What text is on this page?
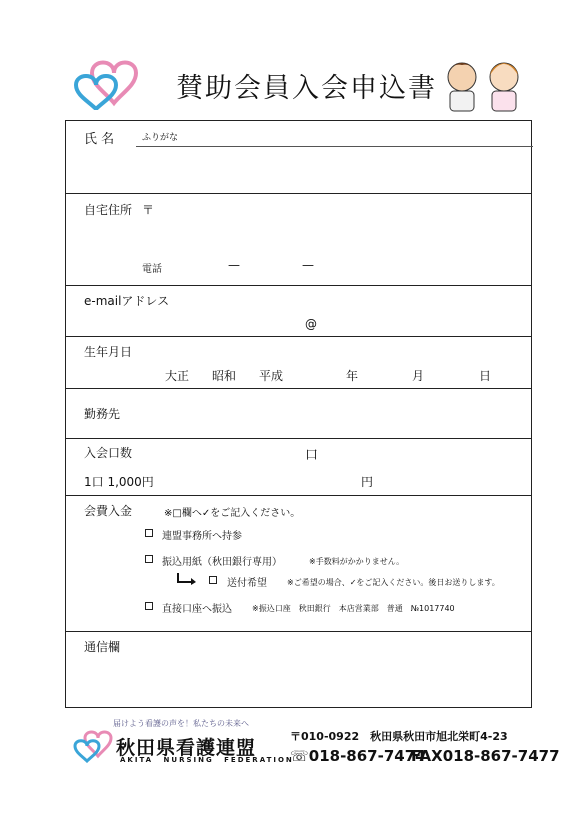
賛助会員入会申込書
氏 名	ふりがな
自宅住所 〒
電話	—	—
e-mailアドレス
@
生年月日
大正 昭和 平成	年	月	日
勤務先
入会口数	口
1口 1,000円	円
会費入金	※□欄へ✓をご記入ください。
連盟事務所へ持参
振込用紙（秋田銀行専用）	※手数料がかかりません。
送付希望	※ご希望の場合、✓をご記入ください。後日お送りします。
直接口座へ振込	※振込口座　秋田銀行　本店営業部　普通　№1017740
通信欄
届けよう看護の声を！私たちの未来へ
秋田県看護連盟
AKITA NURSING FEDERATION
〒010-0922　秋田県秋田市旭北栄町4-23
☏018-867-7474
FAX018-867-7477
